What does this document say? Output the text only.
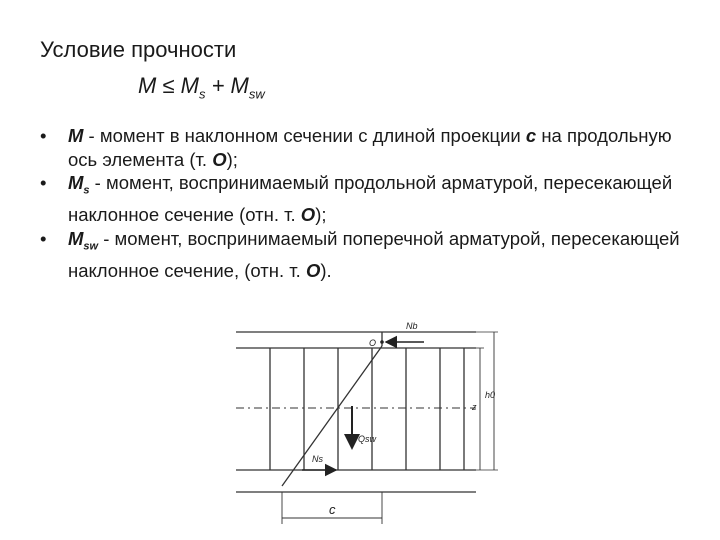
Условие прочности
$M \le M_s + M_{sw}$
• M - момент в наклонном сечении с длиной проекции c на продольную ось элемента (т. O);
• $M_s$ - момент, воспринимаемый продольной арматурой, пересекающей наклонное сечение (отн. т. O);
• $M_{sw}$ - момент, воспринимаемый поперечной арматурой, пересекающей наклонное сечение, (отн. т. O).
O
Nb
Ns
Qsw
z
h0
c
